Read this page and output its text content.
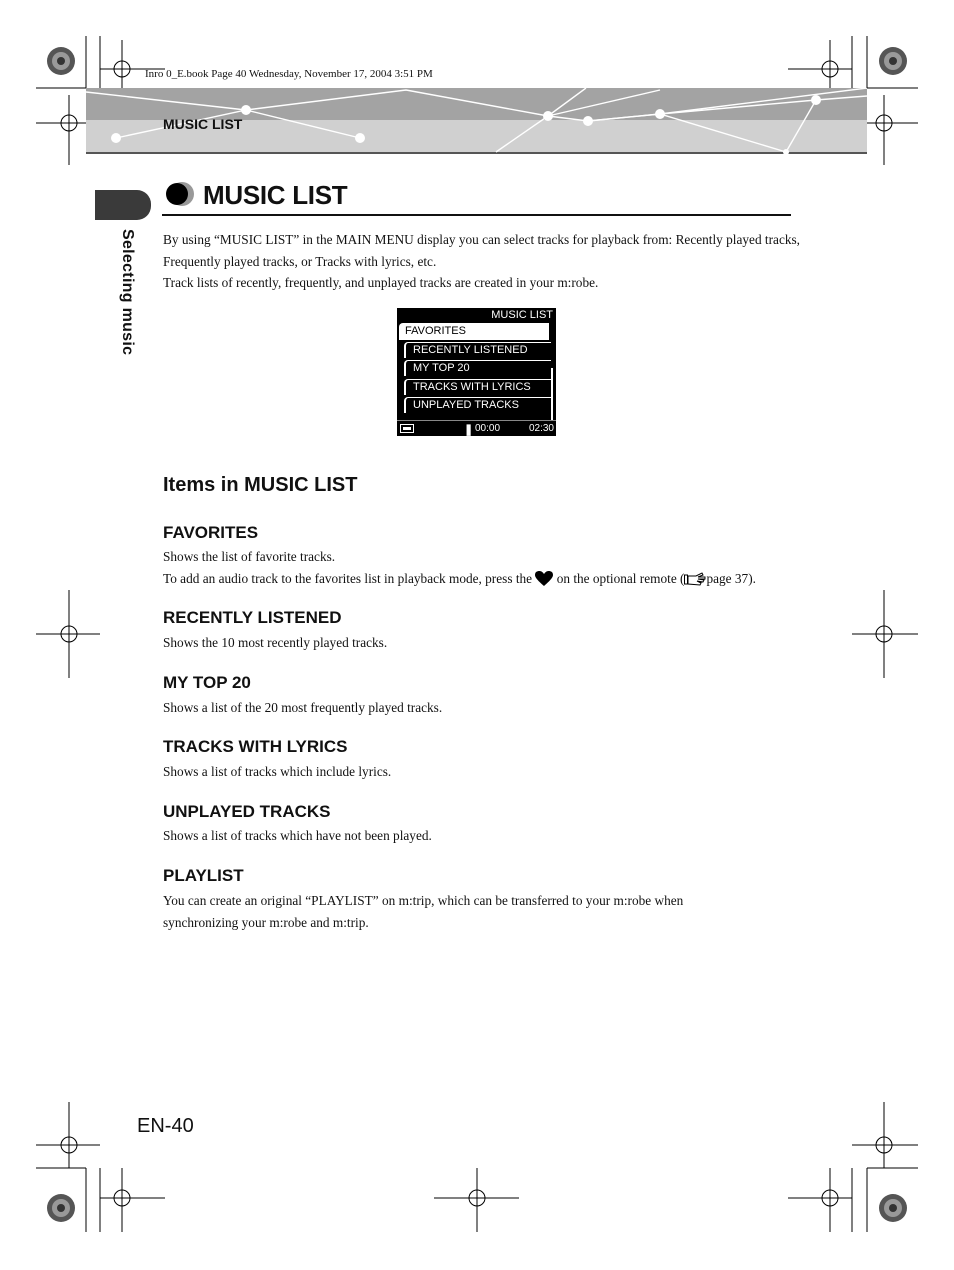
Inro 0_E.book Page 40 Wednesday, November 17, 2004 3:51 PM
MUSIC LIST
Selecting music
MUSIC LIST

By using “MUSIC LIST” in the MAIN MENU display you can select tracks for playback from: Recently played tracks, Frequently played tracks, or Tracks with lyrics, etc.

Track lists of recently, frequently, and unplayed tracks are created in your m:robe.

MUSIC LIST
FAVORITES
RECENTLY LISTENED
MY TOP 20
TRACKS WITH LYRICS
UNPLAYED TRACKS
❚ 00:00	02:30
Items in MUSIC LIST
FAVORITES

Shows the list of favorite tracks.

To add an audio track to the favorites list in playback mode, press the on the optional remote ( page 37).

RECENTLY LISTENED
Shows the 10 most recently played tracks.
MY TOP 20
Shows a list of the 20 most frequently played tracks.
TRACKS WITH LYRICS
Shows a list of tracks which include lyrics.
UNPLAYED TRACKS
Shows a list of tracks which have not been played.
PLAYLIST
You can create an original “PLAYLIST” on m:trip, which can be transferred to your m:robe when synchronizing your m:robe and m:trip.
EN-40
